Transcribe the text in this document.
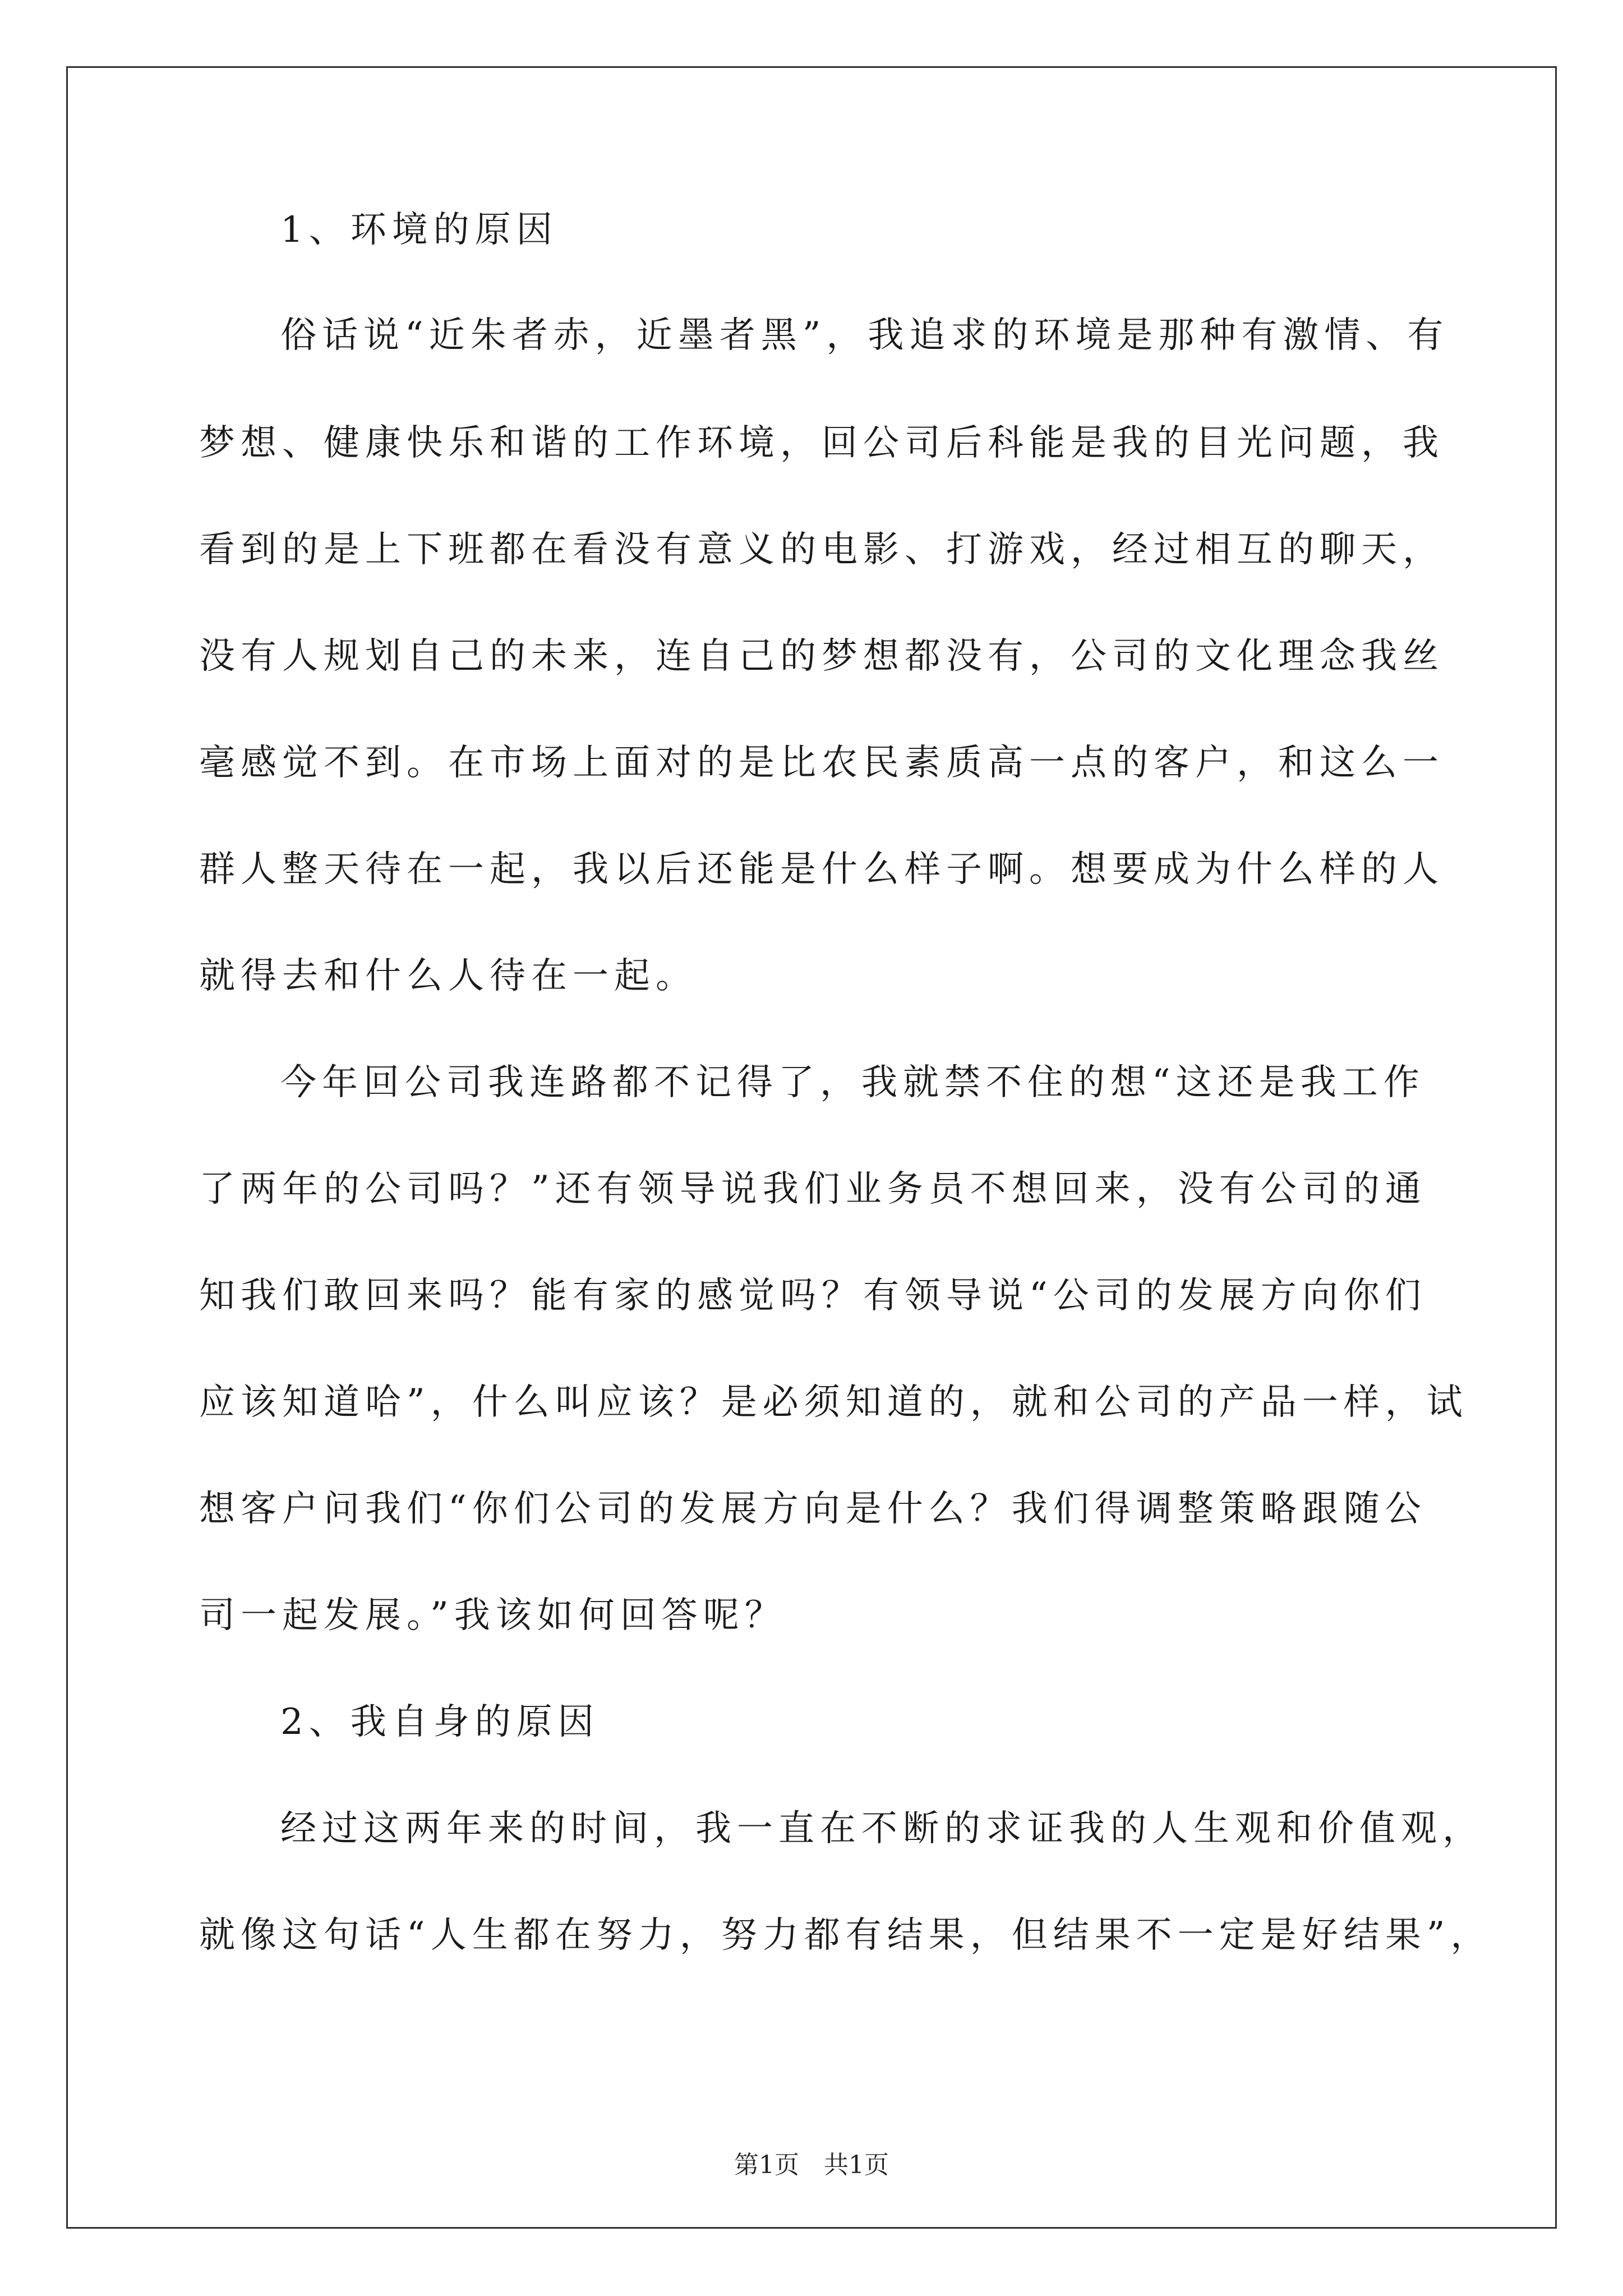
1、环境的原因
俗话说“近朱者赤，近墨者黑”，我追求的环境是那种有激情、有
梦想、健康快乐和谐的工作环境，回公司后科能是我的目光问题，我
看到的是上下班都在看没有意义的电影、打游戏，经过相互的聊天，
没有人规划自己的未来，连自己的梦想都没有，公司的文化理念我丝
毫感觉不到。在市场上面对的是比农民素质高一点的客户，和这么一
群人整天待在一起，我以后还能是什么样子啊。想要成为什么样的人
就得去和什么人待在一起。
今年回公司我连路都不记得了，我就禁不住的想“这还是我工作
了两年的公司吗？”还有领导说我们业务员不想回来，没有公司的通
知我们敢回来吗？能有家的感觉吗？有领导说“公司的发展方向你们
应该知道哈”，什么叫应该？是必须知道的，就和公司的产品一样，试
想客户问我们“你们公司的发展方向是什么？我们得调整策略跟随公
司一起发展。”我该如何回答呢？
2、我自身的原因
经过这两年来的时间，我一直在不断的求证我的人生观和价值观，
就像这句话“人生都在努力，努力都有结果，但结果不一定是好结果”，
第1页　共1页
